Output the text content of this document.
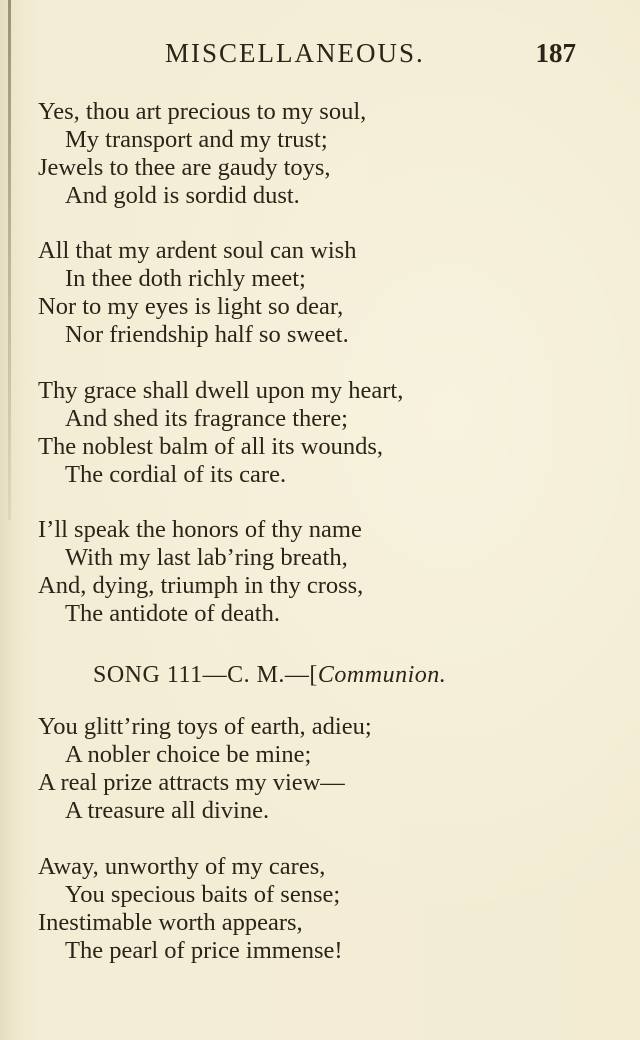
MISCELLANEOUS.	187
Yes, thou art precious to my soul,
My transport and my trust;
Jewels to thee are gaudy toys,
And gold is sordid dust.
All that my ardent soul can wish
In thee doth richly meet;
Nor to my eyes is light so dear,
Nor friendship half so sweet.
Thy grace shall dwell upon my heart,
And shed its fragrance there;
The noblest balm of all its wounds,
The cordial of its care.
I’ll speak the honors of thy name
With my last lab’ring breath,
And, dying, triumph in thy cross,
The antidote of death.
SONG 111—C. M.—[Communion.
You glitt’ring toys of earth, adieu;
A nobler choice be mine;
A real prize attracts my view—
A treasure all divine.
Away, unworthy of my cares,
You specious baits of sense;
Inestimable worth appears,
The pearl of price immense!
